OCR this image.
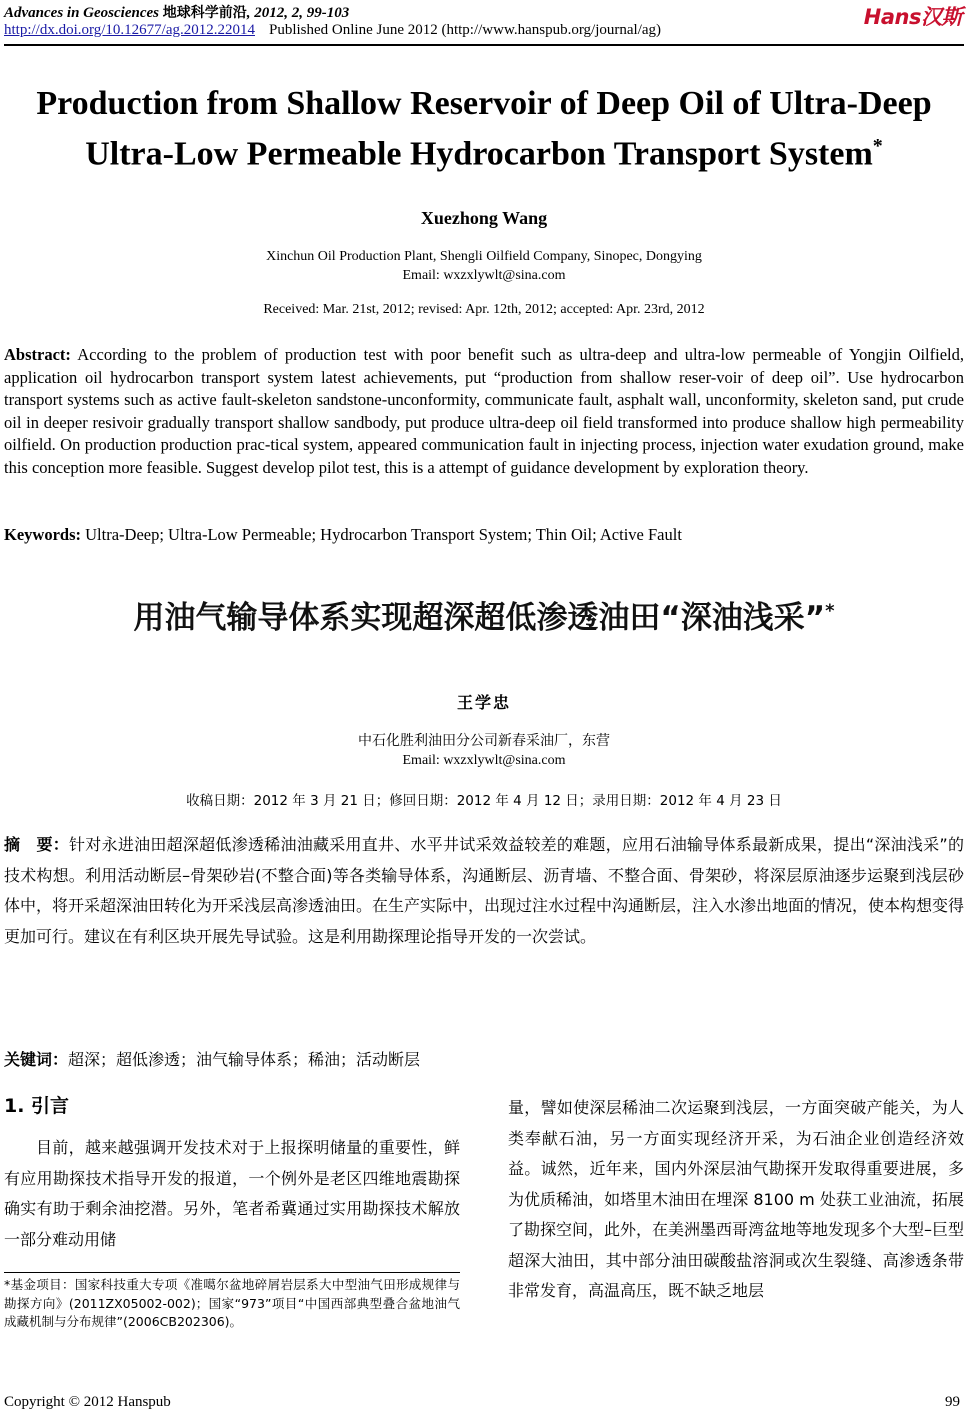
Advances in Geosciences 地球科学前沿, 2012, 2, 99-103
http://dx.doi.org/10.12677/ag.2012.22014 Published Online June 2012 (http://www.hanspub.org/journal/ag)
Hans汉斯
Production from Shallow Reservoir of Deep Oil of Ultra-Deep Ultra-Low Permeable Hydrocarbon Transport System*
Xuezhong Wang
Xinchun Oil Production Plant, Shengli Oilfield Company, Sinopec, Dongying
Email: wxzxlywlt@sina.com
Received: Mar. 21st, 2012; revised: Apr. 12th, 2012; accepted: Apr. 23rd, 2012
Abstract: According to the problem of production test with poor benefit such as ultra-deep and ultra-low permeable of Yongjin Oilfield, application oil hydrocarbon transport system latest achievements, put “production from shallow reser-voir of deep oil”. Use hydrocarbon transport systems such as active fault-skeleton sandstone-unconformity, communicate fault, asphalt wall, unconformity, skeleton sand, put crude oil in deeper resivoir gradually transport shallow sandbody, put produce ultra-deep oil field transformed into produce shallow high permeability oilfield. On production production prac-tical system, appeared communication fault in injecting process, injection water exudation ground, make this conception more feasible. Suggest develop pilot test, this is a attempt of guidance development by exploration theory.
Keywords: Ultra-Deep; Ultra-Low Permeable; Hydrocarbon Transport System; Thin Oil; Active Fault
用油气输导体系实现超深超低渗透油田“深油浅采”*
王学忠
中石化胜利油田分公司新春采油厂，东营
Email: wxzxlywlt@sina.com
收稿日期：2012 年 3 月 21 日；修回日期：2012 年 4 月 12 日；录用日期：2012 年 4 月 23 日
摘　要：针对永进油田超深超低渗透稀油油藏采用直井、水平井试采效益较差的难题，应用石油输导体系最新成果，提出“深油浅采”的技术构想。利用活动断层–骨架砂岩(不整合面)等各类输导体系，沟通断层、沥青墙、不整合面、骨架砂，将深层原油逐步运聚到浅层砂体中，将开采超深油田转化为开采浅层高渗透油田。在生产实际中，出现过注水过程中沟通断层，注入水渗出地面的情况，使本构想变得更加可行。建议在有利区块开展先导试验。这是利用勘探理论指导开发的一次尝试。
关键词：超深；超低渗透；油气输导体系；稀油；活动断层
1. 引言
目前，越来越强调开发技术对于上报探明储量的重要性，鲜有应用勘探技术指导开发的报道，一个例外是老区四维地震勘探确实有助于剩余油挖潜。另外，笔者希冀通过实用勘探技术解放一部分难动用储
量，譬如使深层稀油二次运聚到浅层，一方面突破产能关，为人类奉献石油，另一方面实现经济开采，为石油企业创造经济效益。诚然，近年来，国内外深层油气勘探开发取得重要进展，多为优质稀油，如塔里木油田在埋深 8100 m 处获工业油流，拓展了勘探空间，此外，在美洲墨西哥湾盆地等地发现多个大型–巨型超深大油田，其中部分油田碳酸盐溶洞或次生裂缝、高渗透条带非常发育，高温高压，既不缺乏地层
*基金项目：国家科技重大专项《准噶尔盆地碎屑岩层系大中型油气田形成规律与勘探方向》(2011ZX05002-002)；国家“973”项目“中国西部典型叠合盆地油气成藏机制与分布规律”(2006CB202306)。
Copyright © 2012 Hanspub	99
